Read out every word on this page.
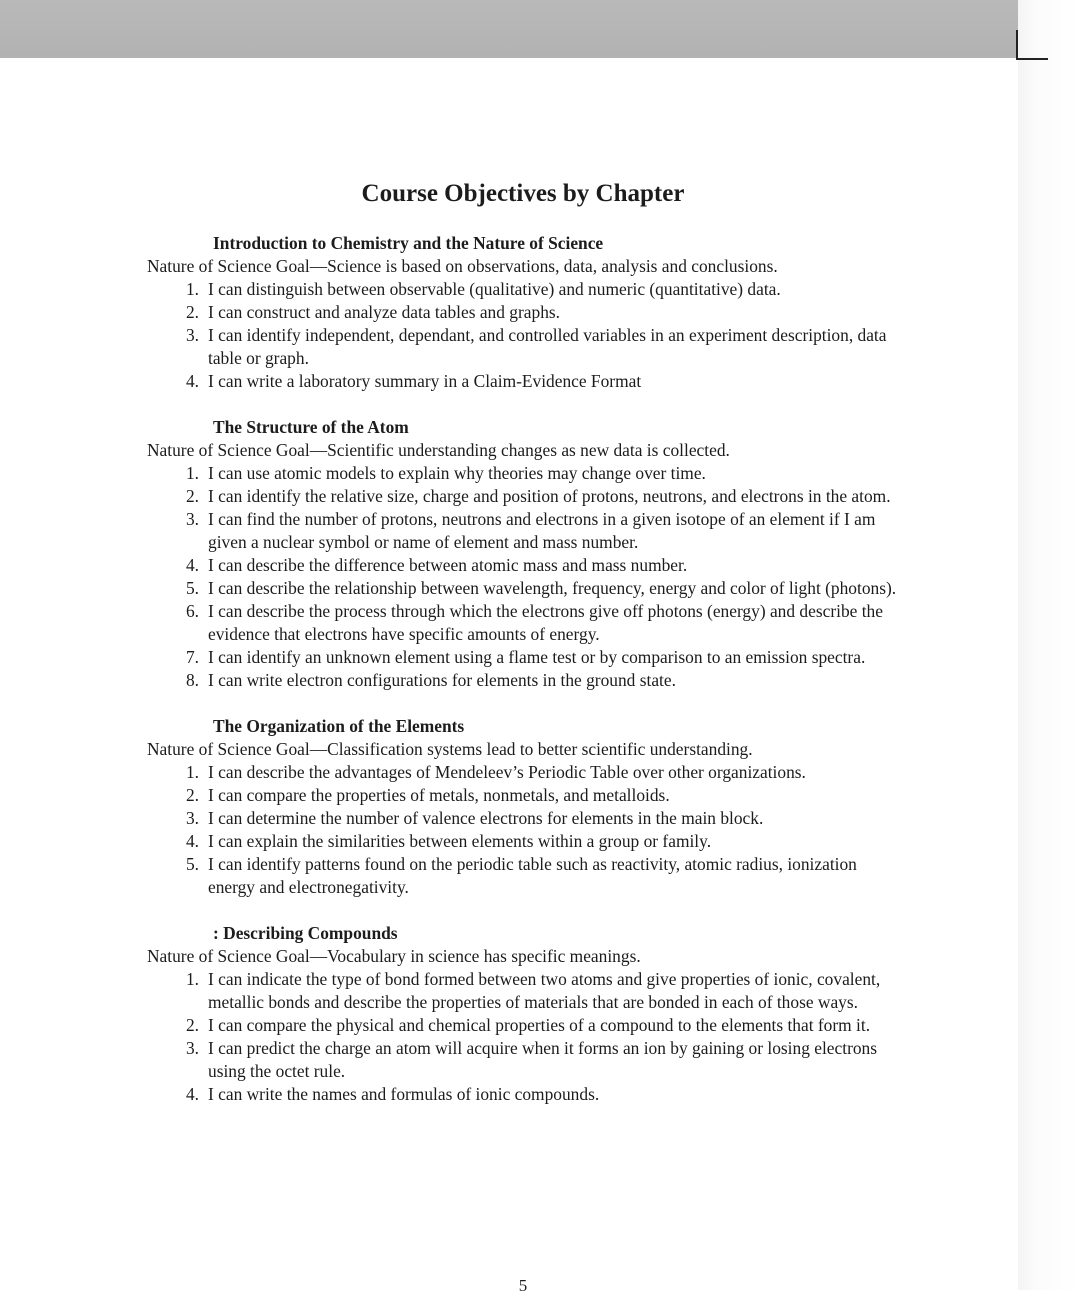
Course Objectives by Chapter
Introduction to Chemistry and the Nature of Science

Nature of Science Goal—Science is based on observations, data, analysis and conclusions.

1. I can distinguish between observable (qualitative) and numeric (quantitative) data.
2. I can construct and analyze data tables and graphs.
3. I can identify independent, dependant, and controlled variables in an experiment description, data table or graph.
4. I can write a laboratory summary in a Claim-Evidence Format
The Structure of the Atom

Nature of Science Goal—Scientific understanding changes as new data is collected.

1. I can use atomic models to explain why theories may change over time.
2. I can identify the relative size, charge and position of protons, neutrons, and electrons in the atom.
3. I can find the number of protons, neutrons and electrons in a given isotope of an element if I am given a nuclear symbol or name of element and mass number.
4. I can describe the difference between atomic mass and mass number.
5. I can describe the relationship between wavelength, frequency, energy and color of light (photons).
6. I can describe the process through which the electrons give off photons (energy) and describe the evidence that electrons have specific amounts of energy.
7. I can identify an unknown element using a flame test or by comparison to an emission spectra.
8. I can write electron configurations for elements in the ground state.
The Organization of the Elements

Nature of Science Goal—Classification systems lead to better scientific understanding.

1. I can describe the advantages of Mendeleev’s Periodic Table over other organizations.
2. I can compare the properties of metals, nonmetals, and metalloids.
3. I can determine the number of valence electrons for elements in the main block.
4. I can explain the similarities between elements within a group or family.
5. I can identify patterns found on the periodic table such as reactivity, atomic radius, ionization energy and electronegativity.
: Describing Compounds

Nature of Science Goal—Vocabulary in science has specific meanings.

1. I can indicate the type of bond formed between two atoms and give properties of ionic, covalent, metallic bonds and describe the properties of materials that are bonded in each of those ways.
2. I can compare the physical and chemical properties of a compound to the elements that form it.
3. I can predict the charge an atom will acquire when it forms an ion by gaining or losing electrons using the octet rule.
4. I can write the names and formulas of ionic compounds.
5
